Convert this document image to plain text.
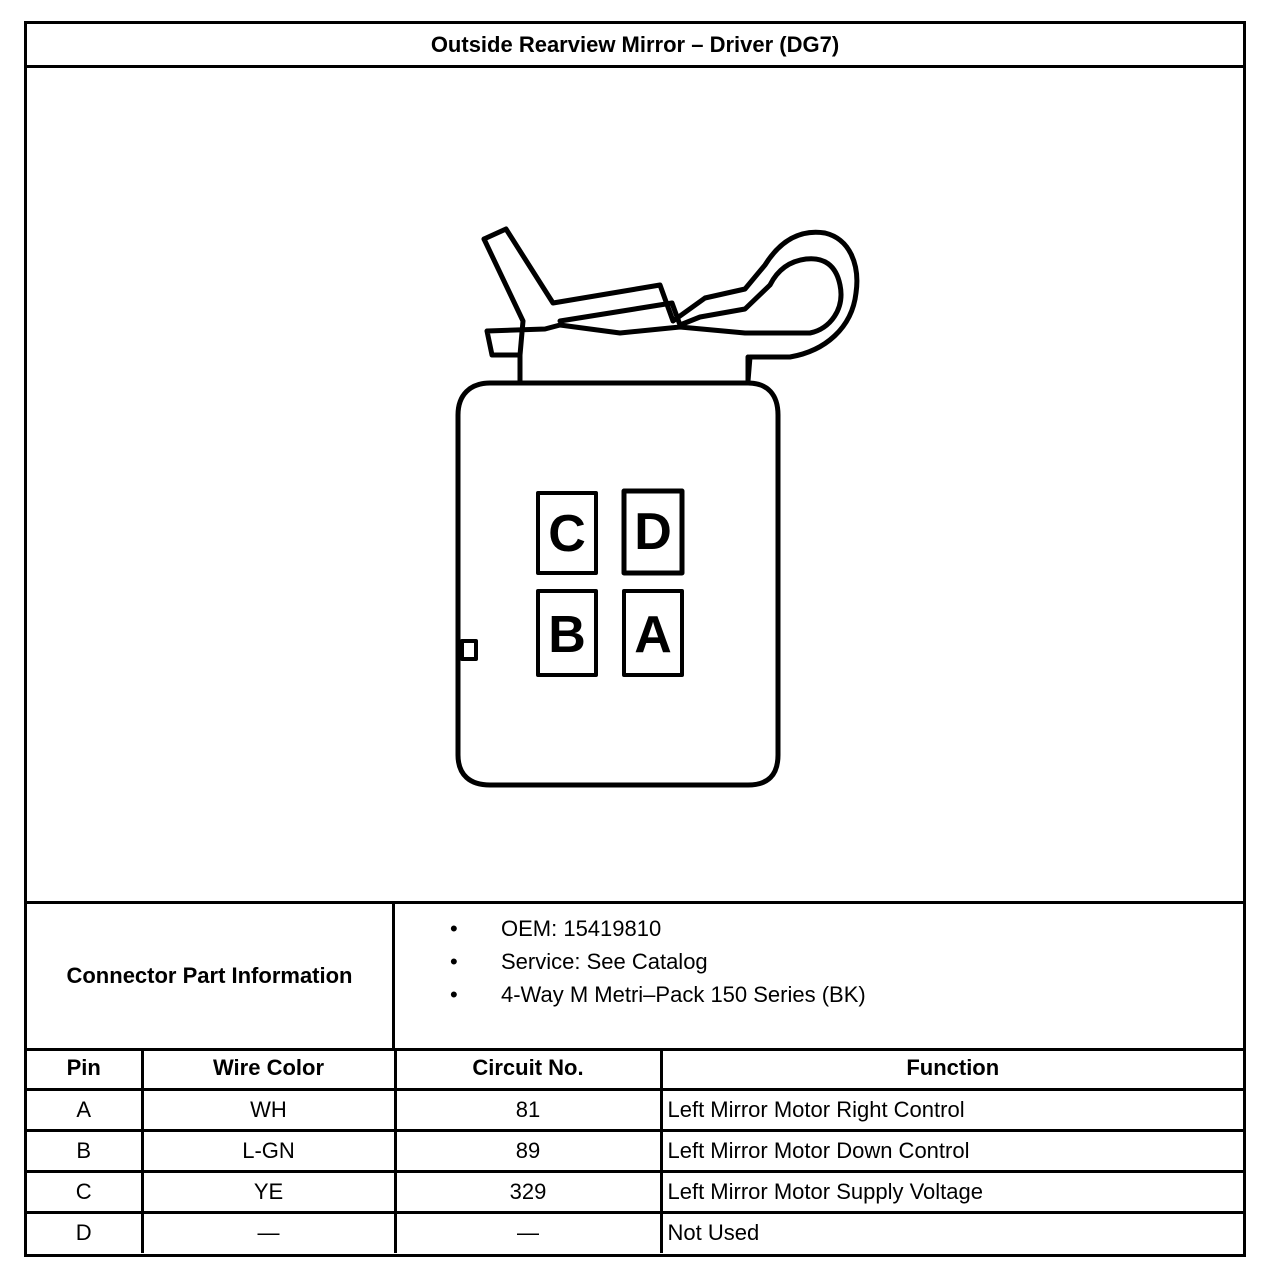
Outside Rearview Mirror – Driver (DG7)
C D
B A
Connector Part Information
• OEM: 15419810
• Service: See Catalog
• 4-Way M Metri–Pack 150 Series (BK)
Pin	Wire Color	Circuit No.	Function
A	WH	81	Left Mirror Motor Right Control
B	L-GN	89	Left Mirror Motor Down Control
C	YE	329	Left Mirror Motor Supply Voltage
D	—	—	Not Used
